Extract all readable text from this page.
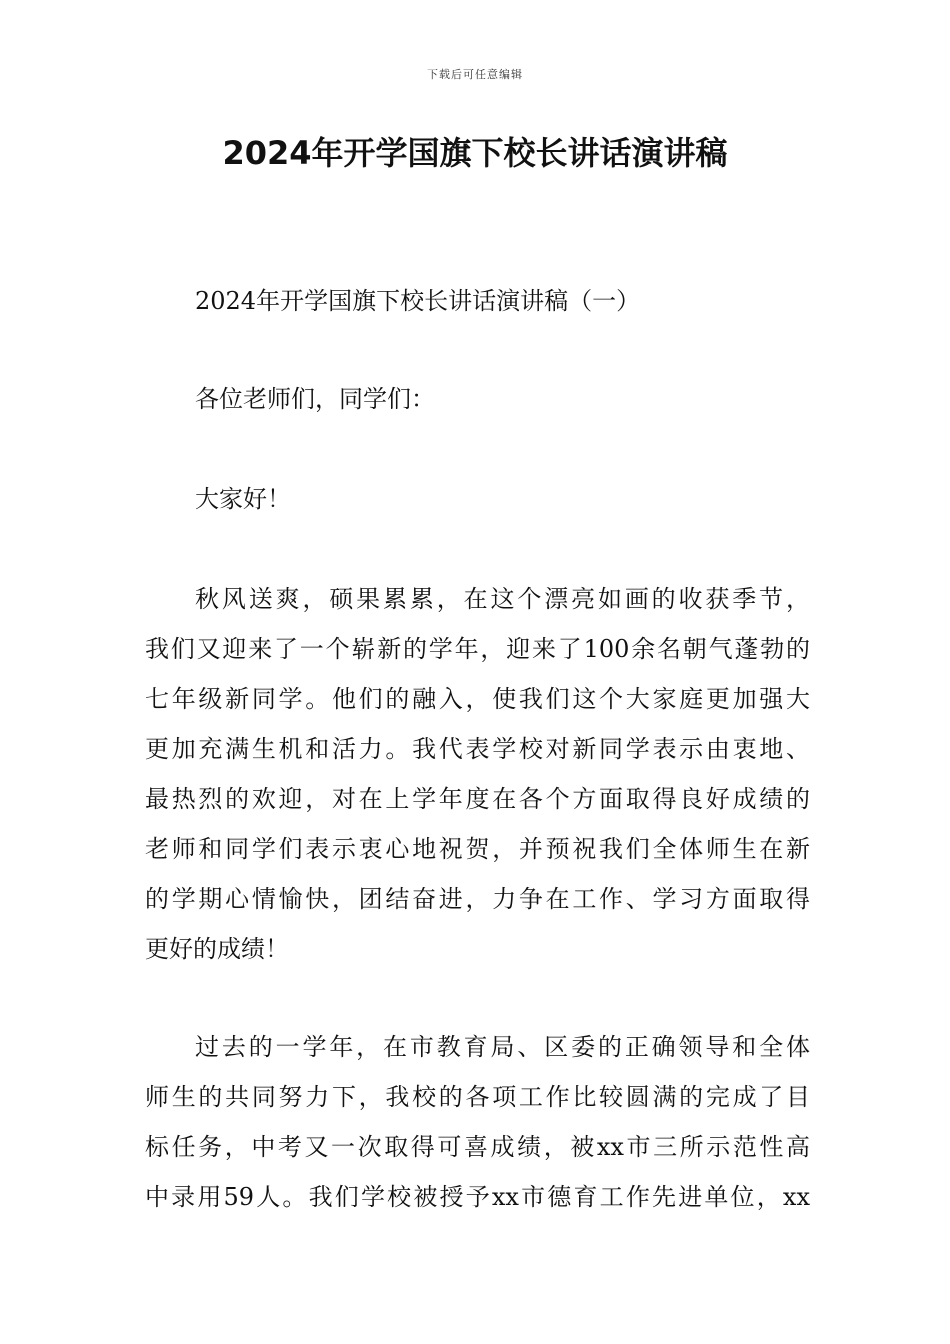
下载后可任意编辑
2024年开学国旗下校长讲话演讲稿

2024年开学国旗下校长讲话演讲稿（一）

各位老师们，同学们：

大家好！

秋风送爽，硕果累累，在这个漂亮如画的收获季节，
我们又迎来了一个崭新的学年，迎来了100余名朝气蓬勃的
七年级新同学。他们的融入，使我们这个大家庭更加强大
更加充满生机和活力。我代表学校对新同学表示由衷地、
最热烈的欢迎，对在上学年度在各个方面取得良好成绩的
老师和同学们表示衷心地祝贺，并预祝我们全体师生在新
的学期心情愉快，团结奋进，力争在工作、学习方面取得
更好的成绩！
过去的一学年，在市教育局、区委的正确领导和全体
师生的共同努力下，我校的各项工作比较圆满的完成了目
标任务，中考又一次取得可喜成绩，被xx市三所示范性高
中录用59人。我们学校被授予xx市德育工作先进单位，xx
